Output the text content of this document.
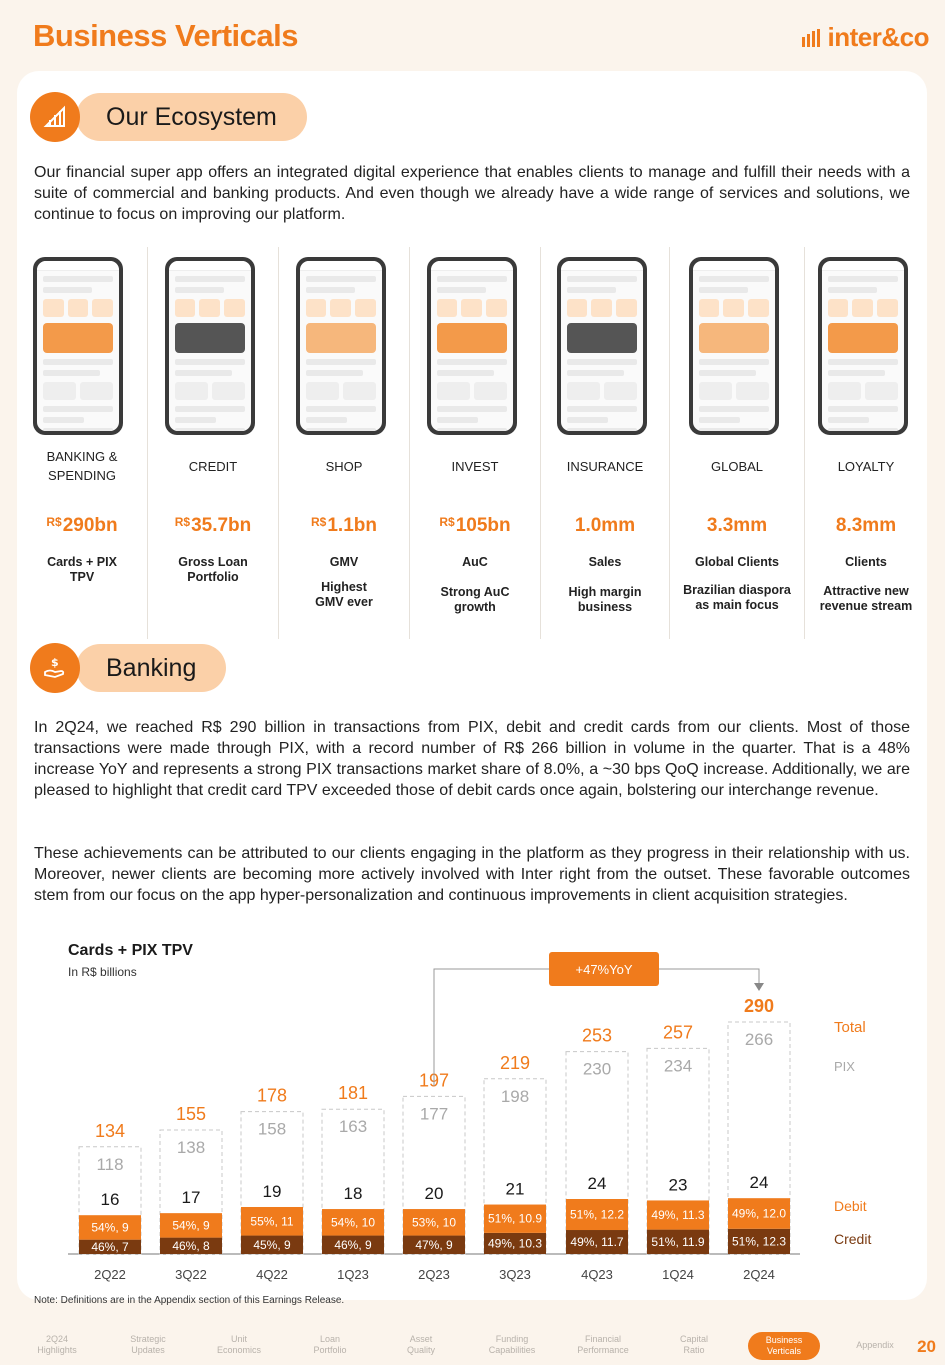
Business Verticals	inter&co
Our Ecosystem
Our financial super app offers an integrated digital experience that enables clients to manage and fulfill their needs with a suite of commercial and banking products. And even though we already have a wide range of services and solutions, we continue to focus on improving our platform.
BANKING &
SPENDING
$^{R\$}$290bn
Cards + PIX
TPV
CREDIT
$^{R\$}$35.7bn
Gross Loan
Portfolio
SHOP
$^{R\$}$1.1bn
GMV
Highest
GMV ever
INVEST
$^{R\$}$105bn
AuC
Strong AuC
growth
INSURANCE
1.0mm
Sales
High margin
business
GLOBAL
3.3mm
Global Clients
Brazilian diaspora
as main focus
LOYALTY
8.3mm
Clients
Attractive new
revenue stream
$	Banking
In 2Q24, we reached R$ 290 billion in transactions from PIX, debit and credit cards from our clients. Most of those transactions were made through PIX, with a record number of R$ 266 billion in volume in the quarter. That is a 48% increase YoY and represents a strong PIX transactions market share of 8.0%, a ~30 bps QoQ increase. Additionally, we are pleased to highlight that credit card TPV exceeded those of debit cards once again, bolstering our interchange revenue.
These achievements can be attributed to our clients engaging in the platform as they progress in their relationship with us. Moreover, newer clients are becoming more actively involved with Inter right from the outset. These favorable outcomes stem from our focus on the app hyper-personalization and continuous improvements in client acquisition strategies.
Cards + PIX TPV
In R$ billions
46%, 7
54%, 9
16
118
134
2Q22
46%, 8
54%, 9
17
138
155
3Q22
45%, 9
55%, 11
19
158
178
4Q22
46%, 9
54%, 10
18
163
181
1Q23
47%, 9
53%, 10
20
177
197
2Q23
49%, 10.3
51%, 10.9
21
198
219
3Q23
49%, 11.7
51%, 12.2
24
230
253
4Q23
51%, 11.9
49%, 11.3
23
234
257
1Q24
51%, 12.3
49%, 12.0
24
266
290
2Q24
+47%YoY
Total
PIX
Debit
Credit
Note: Definitions are in the Appendix section of this Earnings Release.
2Q24
Highlights
Strategic
Updates
Unit
Economics
Loan
Portfolio
Asset
Quality
Funding
Capabilities
Financial
Performance
Capital
Ratio
Business
Verticals
Appendix	20
